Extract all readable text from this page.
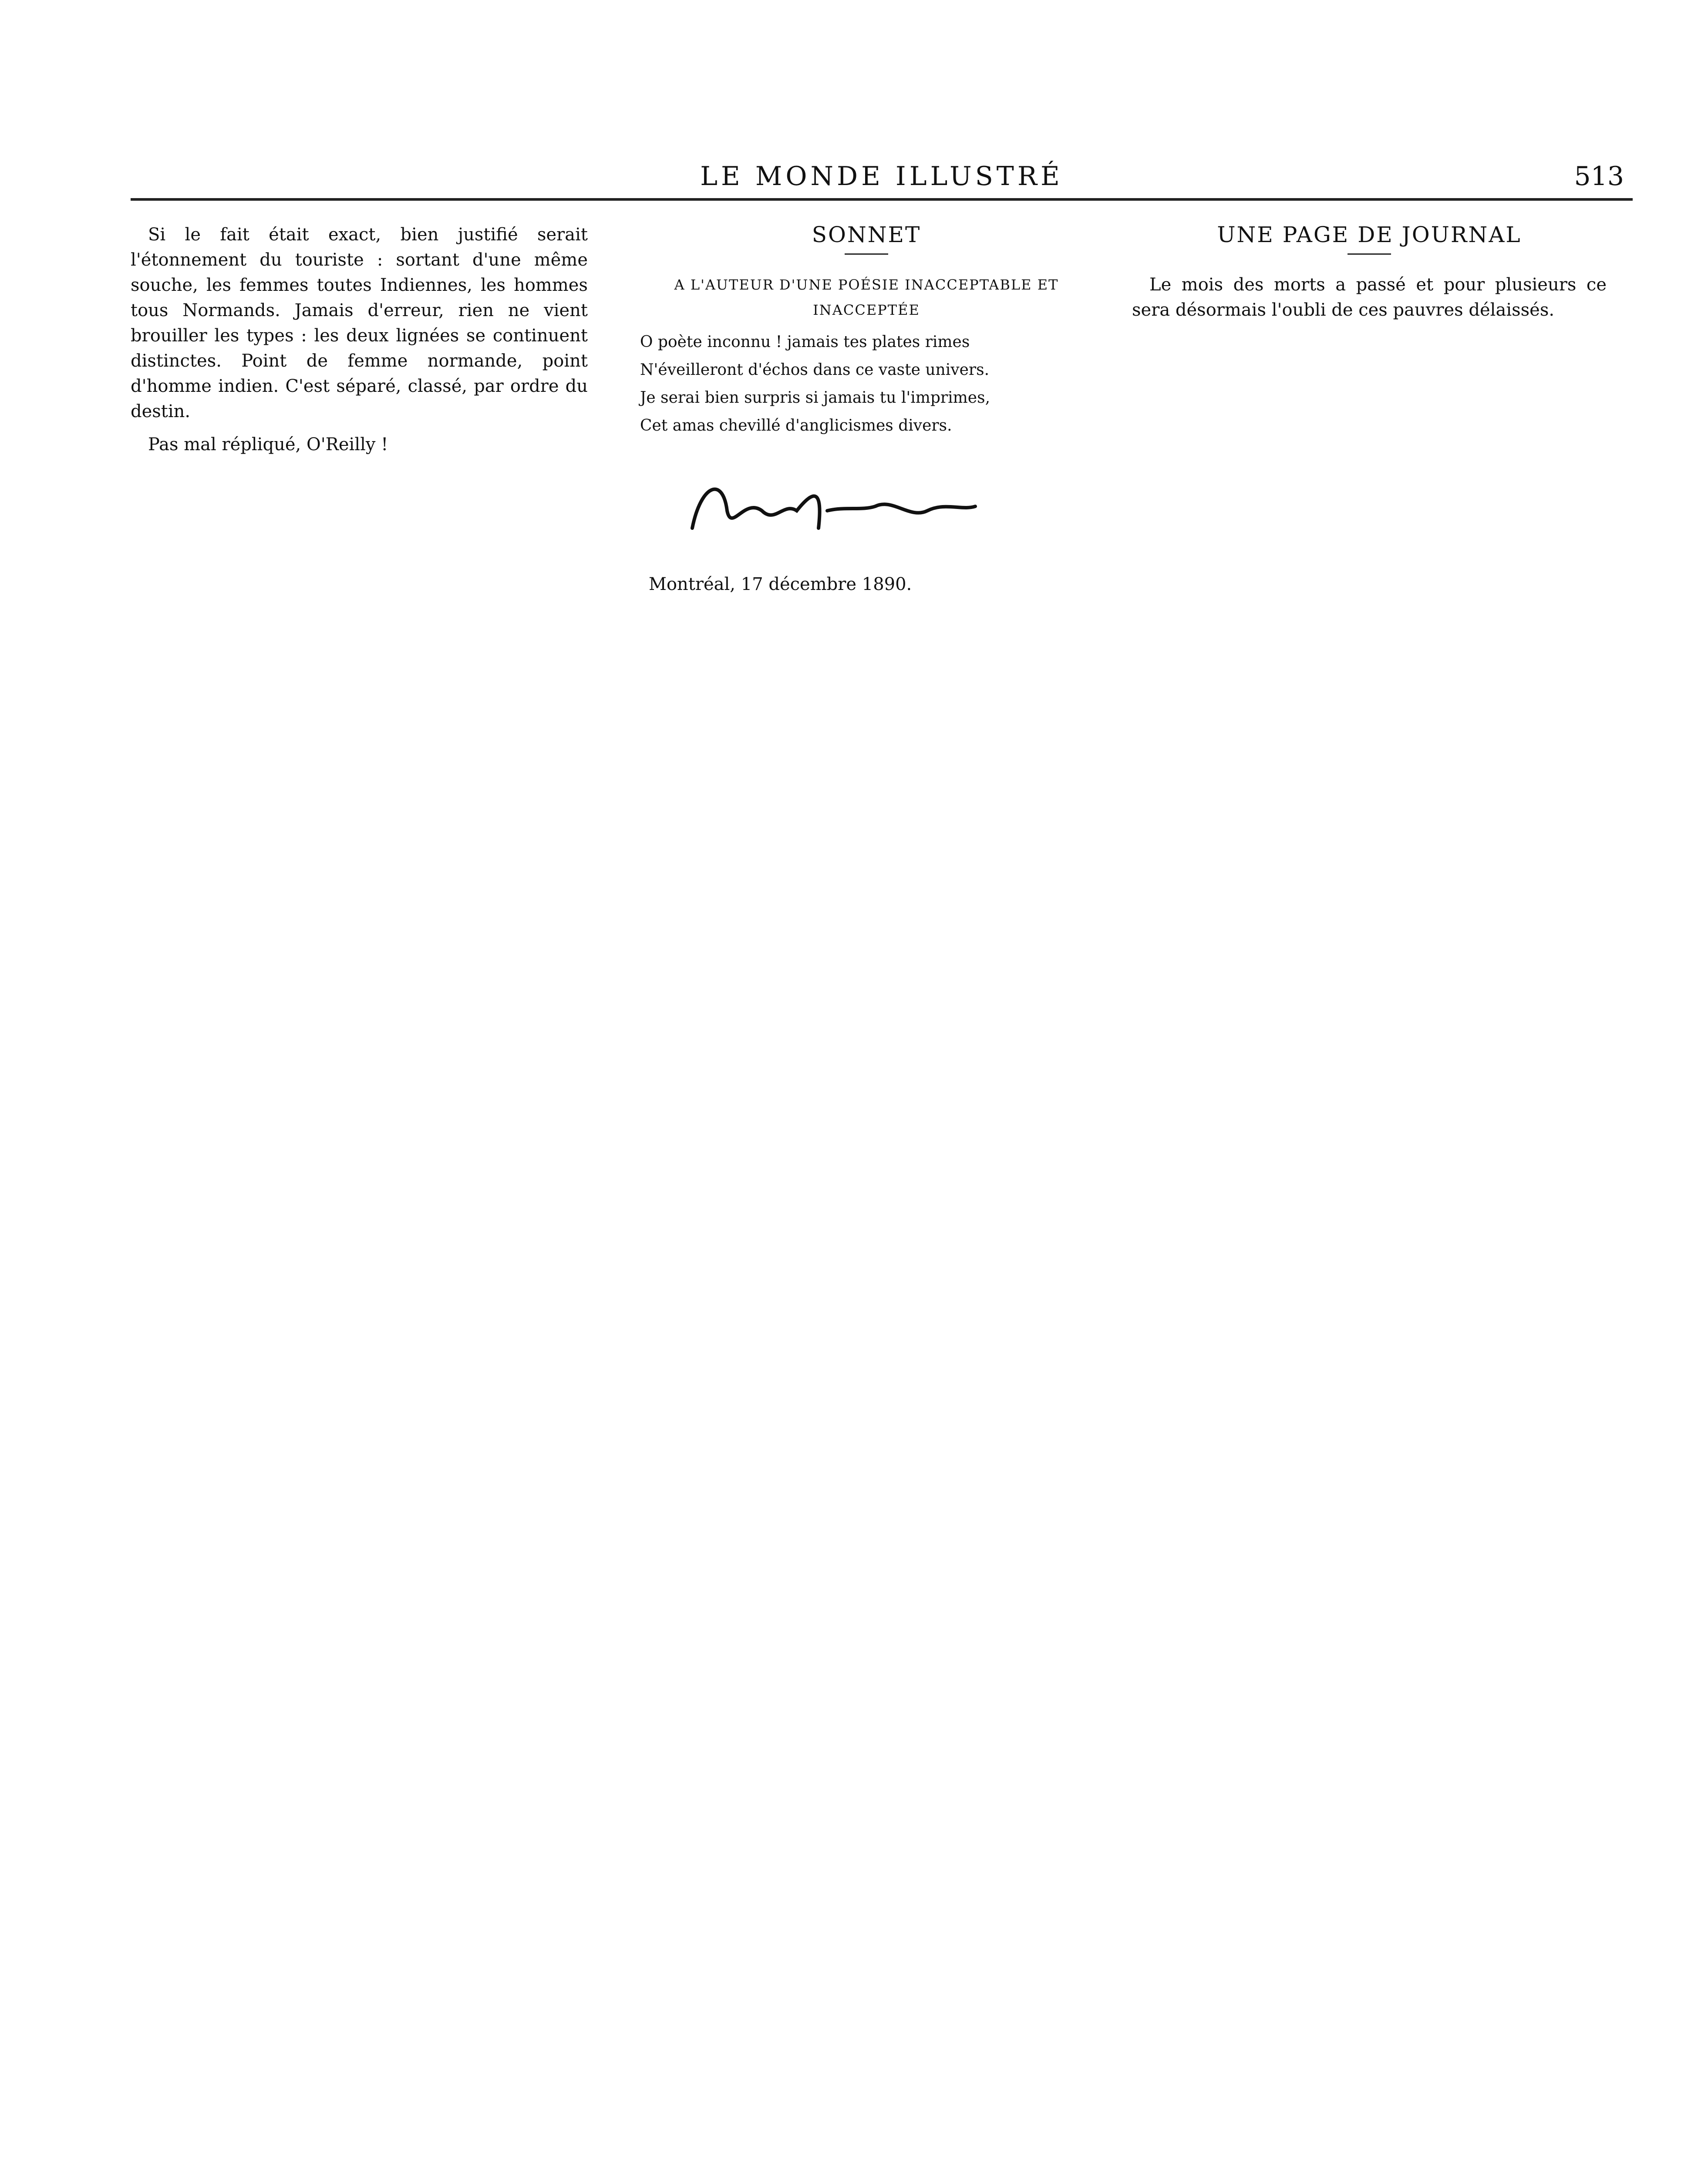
LE MONDE ILLUSTRÉ	513

Si le fait était exact, bien justifié serait l'étonnement du touriste : sortant d'une même souche, les femmes toutes Indiennes, les hommes tous Normands. Jamais d'erreur, rien ne vient brouiller les types : les deux lignées se continuent distinctes. Point de femme normande, point d'homme indien. C'est séparé, classé, par ordre du destin.

Pas mal répliqué, O'Reilly !

SONNET
A L'AUTEUR D'UNE POÉSIE INACCEPTABLE ET INACCEPTÉE
O poète inconnu ! jamais tes plates rimes
N'éveilleront d'échos dans ce vaste univers.
Je serai bien surpris si jamais tu l'imprimes,
Cet amas chevillé d'anglicismes divers.

Montréal, 17 décembre 1890.

UNE PAGE DE JOURNAL

Le mois des morts a passé et pour plusieurs ce sera désormais l'oubli de ces pauvres délaissés.
